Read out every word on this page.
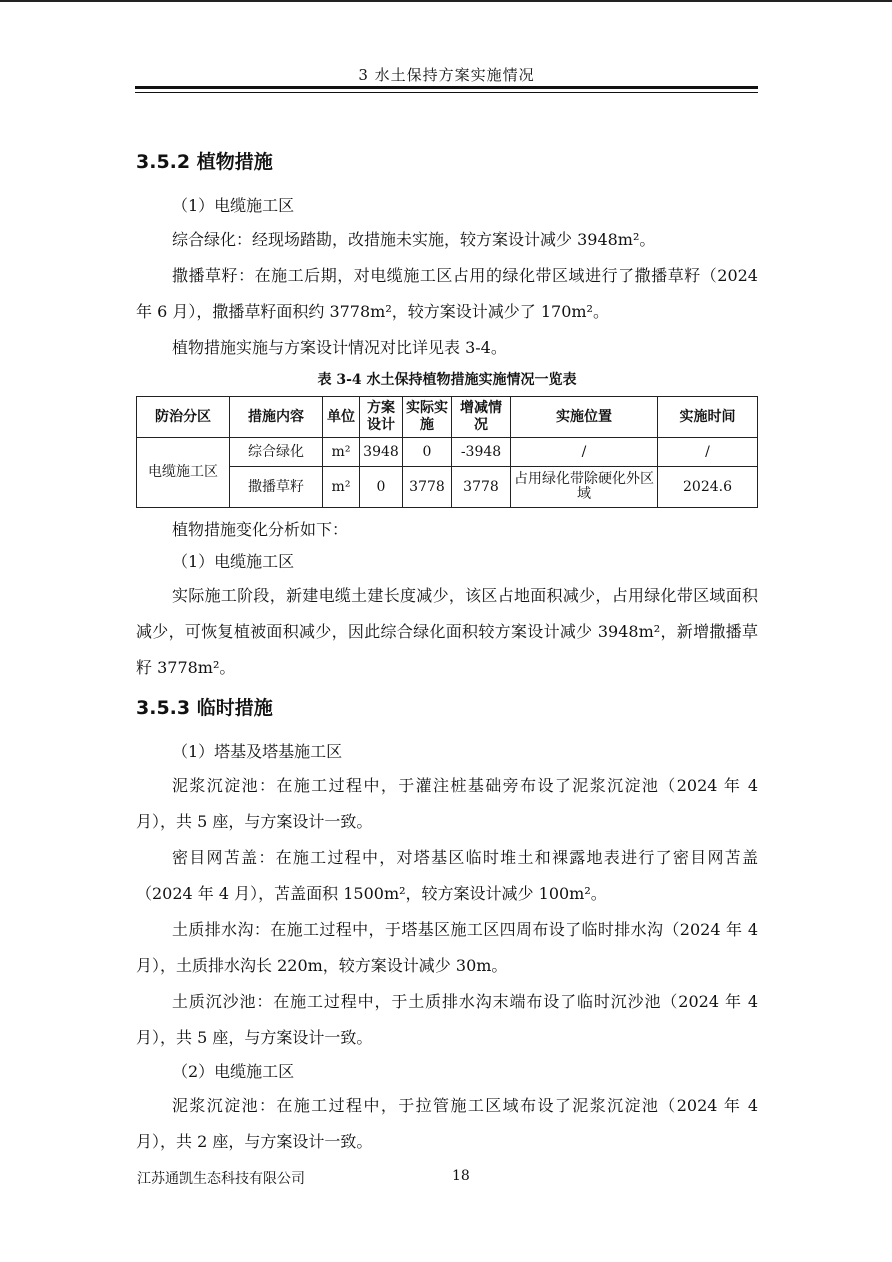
3 水土保持方案实施情况
3.5.2 植物措施
（1）电缆施工区
综合绿化：经现场踏勘，改措施未实施，较方案设计减少 3948m²。
撒播草籽：在施工后期，对电缆施工区占用的绿化带区域进行了撒播草籽（2024 年 6 月），撒播草籽面积约 3778m²，较方案设计减少了 170m²。
植物措施实施与方案设计情况对比详见表 3-4。
表 3-4 水土保持植物措施实施情况一览表
防治分区	措施内容	单位	方案设计	实际实施	增减情况	实施位置	实施时间
电缆施工区	综合绿化	m²	3948	0	-3948	/	/
	撒播草籽	m²	0	3778	3778	占用绿化带除硬化外区域	2024.6
植物措施变化分析如下：
（1）电缆施工区
实际施工阶段，新建电缆土建长度减少，该区占地面积减少，占用绿化带区域面积减少，可恢复植被面积减少，因此综合绿化面积较方案设计减少 3948m²，新增撒播草籽 3778m²。
3.5.3 临时措施
（1）塔基及塔基施工区
泥浆沉淀池：在施工过程中，于灌注桩基础旁布设了泥浆沉淀池（2024 年 4 月），共 5 座，与方案设计一致。
密目网苫盖：在施工过程中，对塔基区临时堆土和裸露地表进行了密目网苫盖（2024 年 4 月），苫盖面积 1500m²，较方案设计减少 100m²。
土质排水沟：在施工过程中，于塔基区施工区四周布设了临时排水沟（2024 年 4 月），土质排水沟长 220m，较方案设计减少 30m。
土质沉沙池：在施工过程中，于土质排水沟末端布设了临时沉沙池（2024 年 4 月），共 5 座，与方案设计一致。
（2）电缆施工区
泥浆沉淀池：在施工过程中，于拉管施工区域布设了泥浆沉淀池（2024 年 4 月），共 2 座，与方案设计一致。
江苏通凯生态科技有限公司	18
